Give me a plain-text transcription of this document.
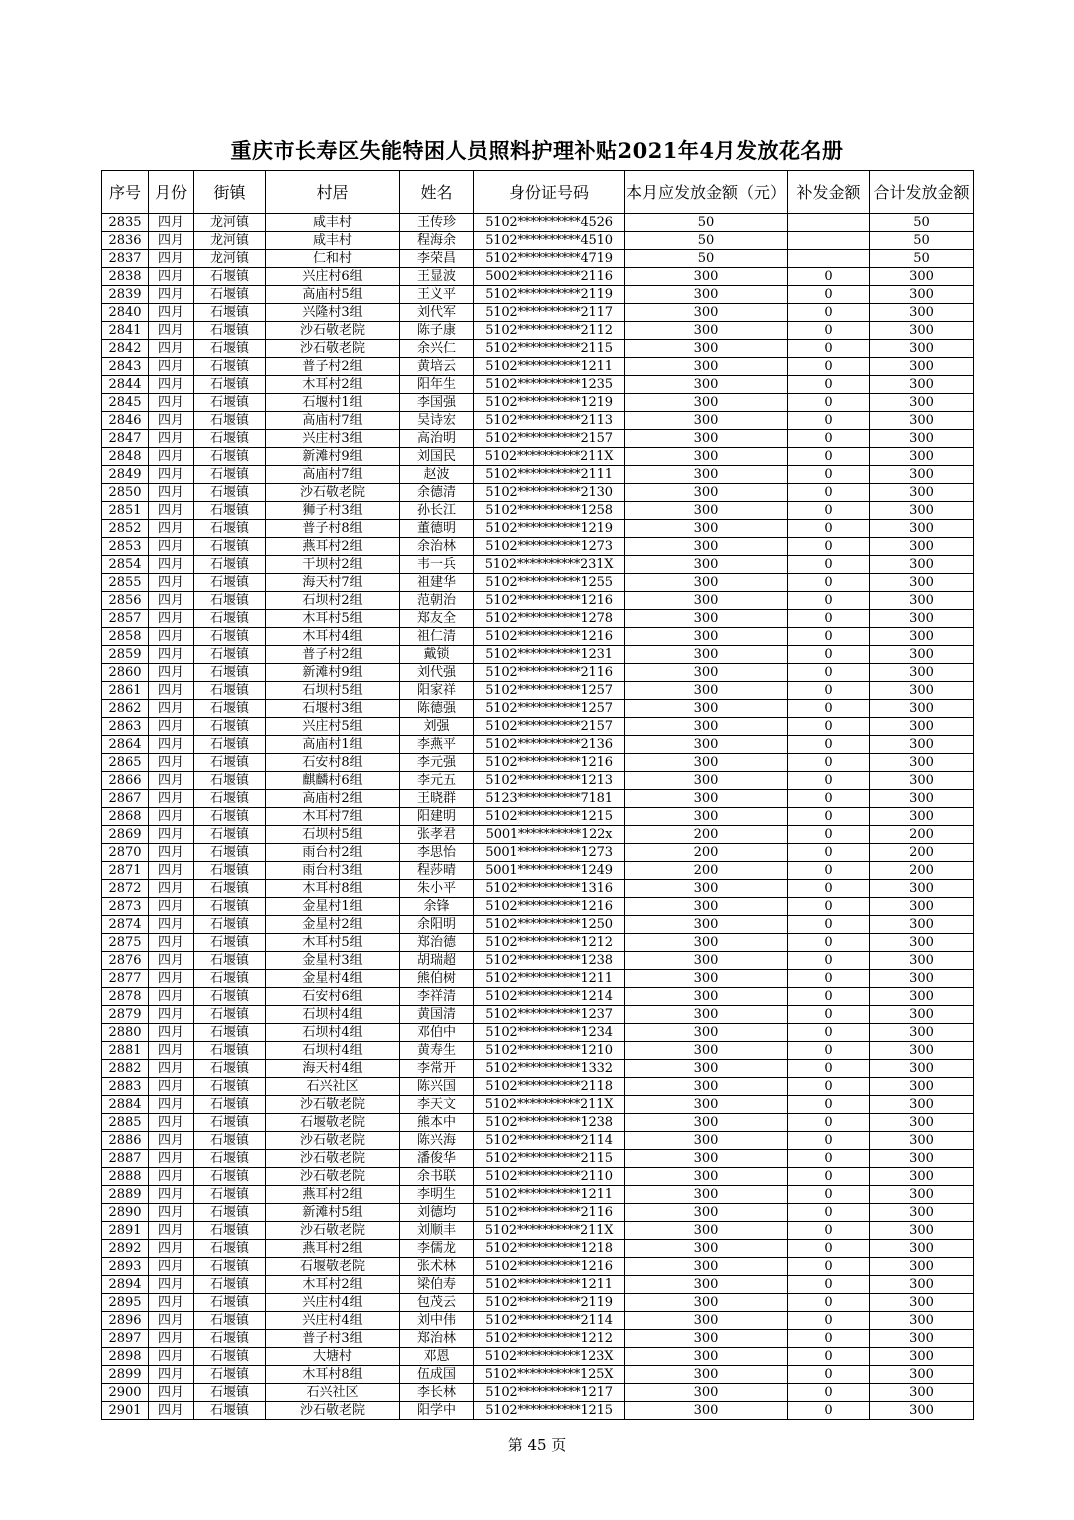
重庆市长寿区失能特困人员照料护理补贴2021年4月发放花名册
序号	月份	街镇	村居	姓名	身份证号码	本月应发放金额（元）	补发金额	合计发放金额
2835	四月	龙河镇	咸丰村	王传珍	5102**********4526	50		50
2836	四月	龙河镇	咸丰村	程海余	5102**********4510	50		50
2837	四月	龙河镇	仁和村	李荣昌	5102**********4719	50		50
2838	四月	石堰镇	兴庄村6组	王显波	5002**********2116	300	0	300
2839	四月	石堰镇	高庙村5组	王义平	5102**********2119	300	0	300
2840	四月	石堰镇	兴隆村3组	刘代军	5102**********2117	300	0	300
2841	四月	石堰镇	沙石敬老院	陈子康	5102**********2112	300	0	300
2842	四月	石堰镇	沙石敬老院	余兴仁	5102**********2115	300	0	300
2843	四月	石堰镇	普子村2组	黄培云	5102**********1211	300	0	300
2844	四月	石堰镇	木耳村2组	阳年生	5102**********1235	300	0	300
2845	四月	石堰镇	石堰村1组	李国强	5102**********1219	300	0	300
2846	四月	石堰镇	高庙村7组	吴诗宏	5102**********2113	300	0	300
2847	四月	石堰镇	兴庄村3组	高治明	5102**********2157	300	0	300
2848	四月	石堰镇	新滩村9组	刘国民	5102**********211X	300	0	300
2849	四月	石堰镇	高庙村7组	赵波	5102**********2111	300	0	300
2850	四月	石堰镇	沙石敬老院	余德清	5102**********2130	300	0	300
2851	四月	石堰镇	狮子村3组	孙长江	5102**********1258	300	0	300
2852	四月	石堰镇	普子村8组	董德明	5102**********1219	300	0	300
2853	四月	石堰镇	燕耳村2组	余治林	5102**********1273	300	0	300
2854	四月	石堰镇	干坝村2组	韦一兵	5102**********231X	300	0	300
2855	四月	石堰镇	海天村7组	祖建华	5102**********1255	300	0	300
2856	四月	石堰镇	石坝村2组	范朝治	5102**********1216	300	0	300
2857	四月	石堰镇	木耳村5组	郑友全	5102**********1278	300	0	300
2858	四月	石堰镇	木耳村4组	祖仁清	5102**********1216	300	0	300
2859	四月	石堰镇	普子村2组	戴锁	5102**********1231	300	0	300
2860	四月	石堰镇	新滩村9组	刘代强	5102**********2116	300	0	300
2861	四月	石堰镇	石坝村5组	阳家祥	5102**********1257	300	0	300
2862	四月	石堰镇	石堰村3组	陈德强	5102**********1257	300	0	300
2863	四月	石堰镇	兴庄村5组	刘强	5102**********2157	300	0	300
2864	四月	石堰镇	高庙村1组	李燕平	5102**********2136	300	0	300
2865	四月	石堰镇	石安村8组	李元强	5102**********1216	300	0	300
2866	四月	石堰镇	麒麟村6组	李元五	5102**********1213	300	0	300
2867	四月	石堰镇	高庙村2组	王晓群	5123**********7181	300	0	300
2868	四月	石堰镇	木耳村7组	阳建明	5102**********1215	300	0	300
2869	四月	石堰镇	石坝村5组	张孝君	5001**********122x	200	0	200
2870	四月	石堰镇	雨台村2组	李思怡	5001**********1273	200	0	200
2871	四月	石堰镇	雨台村3组	程莎晴	5001**********1249	200	0	200
2872	四月	石堰镇	木耳村8组	朱小平	5102**********1316	300	0	300
2873	四月	石堰镇	金星村1组	余锋	5102**********1216	300	0	300
2874	四月	石堰镇	金星村2组	余阳明	5102**********1250	300	0	300
2875	四月	石堰镇	木耳村5组	郑治德	5102**********1212	300	0	300
2876	四月	石堰镇	金星村3组	胡瑞超	5102**********1238	300	0	300
2877	四月	石堰镇	金星村4组	熊伯树	5102**********1211	300	0	300
2878	四月	石堰镇	石安村6组	李祥清	5102**********1214	300	0	300
2879	四月	石堰镇	石坝村4组	黄国清	5102**********1237	300	0	300
2880	四月	石堰镇	石坝村4组	邓伯中	5102**********1234	300	0	300
2881	四月	石堰镇	石坝村4组	黄寿生	5102**********1210	300	0	300
2882	四月	石堰镇	海天村4组	李常开	5102**********1332	300	0	300
2883	四月	石堰镇	石兴社区	陈兴国	5102**********2118	300	0	300
2884	四月	石堰镇	沙石敬老院	李天文	5102**********211X	300	0	300
2885	四月	石堰镇	石堰敬老院	熊本中	5102**********1238	300	0	300
2886	四月	石堰镇	沙石敬老院	陈兴海	5102**********2114	300	0	300
2887	四月	石堰镇	沙石敬老院	潘俊华	5102**********2115	300	0	300
2888	四月	石堰镇	沙石敬老院	余书联	5102**********2110	300	0	300
2889	四月	石堰镇	燕耳村2组	李明生	5102**********1211	300	0	300
2890	四月	石堰镇	新滩村5组	刘德均	5102**********2116	300	0	300
2891	四月	石堰镇	沙石敬老院	刘顺丰	5102**********211X	300	0	300
2892	四月	石堰镇	燕耳村2组	李儒龙	5102**********1218	300	0	300
2893	四月	石堰镇	石堰敬老院	张术林	5102**********1216	300	0	300
2894	四月	石堰镇	木耳村2组	梁伯寿	5102**********1211	300	0	300
2895	四月	石堰镇	兴庄村4组	包茂云	5102**********2119	300	0	300
2896	四月	石堰镇	兴庄村4组	刘中伟	5102**********2114	300	0	300
2897	四月	石堰镇	普子村3组	郑治林	5102**********1212	300	0	300
2898	四月	石堰镇	大塘村	邓恩	5102**********123X	300	0	300
2899	四月	石堰镇	木耳村8组	伍成国	5102**********125X	300	0	300
2900	四月	石堰镇	石兴社区	李长林	5102**********1217	300	0	300
2901	四月	石堰镇	沙石敬老院	阳学中	5102**********1215	300	0	300
第 45 页
